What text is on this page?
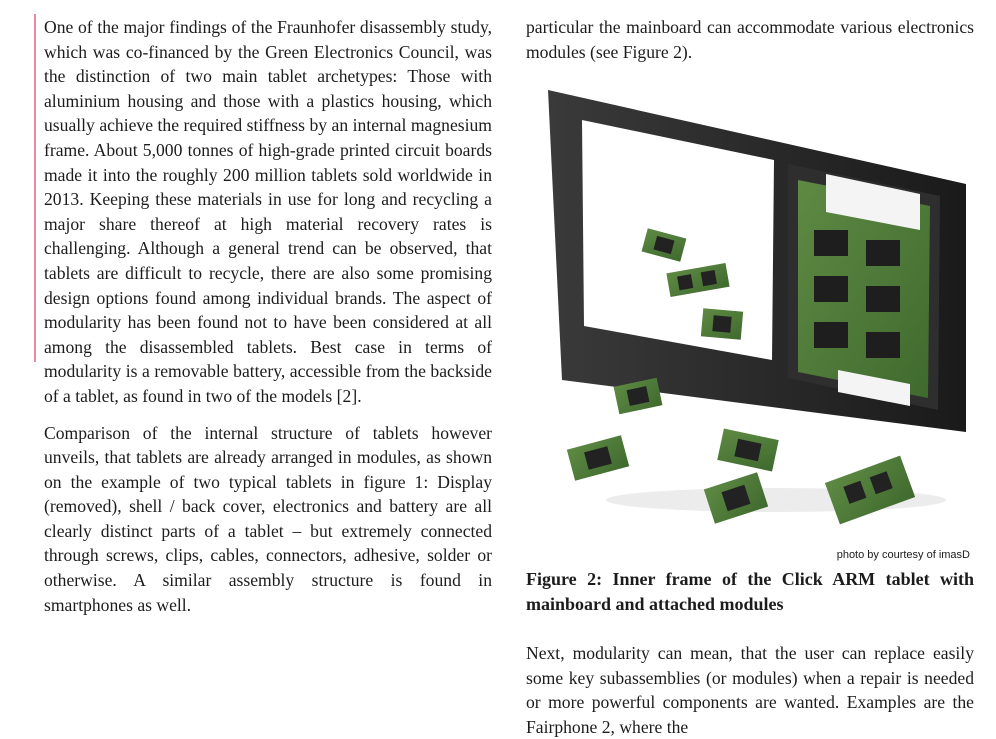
One of the major findings of the Fraunhofer disassembly study, which was co-financed by the Green Electronics Council, was the distinction of two main tablet archetypes: Those with aluminium housing and those with a plastics housing, which usually achieve the required stiffness by an internal magnesium frame. About 5,000 tonnes of high-grade printed circuit boards made it into the roughly 200 million tablets sold worldwide in 2013. Keeping these materials in use for long and recycling a major share thereof at high material recovery rates is challenging. Although a general trend can be observed, that tablets are difficult to recycle, there are also some promising design options found among individual brands. The aspect of modularity has been found not to have been considered at all among the disassembled tablets. Best case in terms of modularity is a removable battery, accessible from the backside of a tablet, as found in two of the models [2].

Comparison of the internal structure of tablets however unveils, that tablets are already arranged in modules, as shown on the example of two typical tablets in figure 1: Display (removed), shell / back cover, electronics and battery are all clearly distinct parts of a tablet – but extremely connected through screws, clips, cables, connectors, adhesive, solder or otherwise. A similar assembly structure is found in smartphones as well.

particular the mainboard can accommodate various electronics modules (see Figure 2).

photo by courtesy of imasD
Figure 2: Inner frame of the Click ARM tablet with mainboard and attached modules
Next, modularity can mean, that the user can replace easily some key subassemblies (or modules) when a repair is needed or more powerful components are wanted. Examples are the Fairphone 2, where the
